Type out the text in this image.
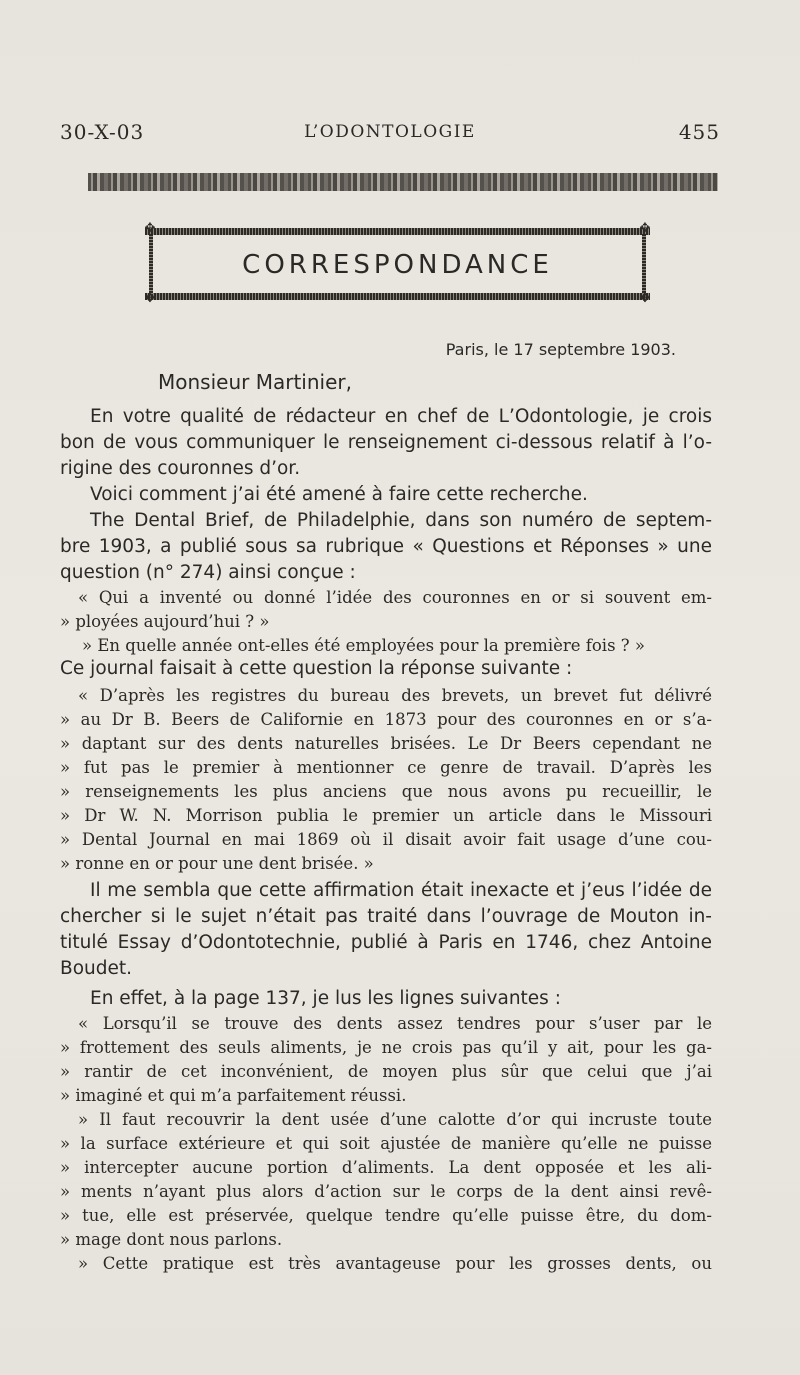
30-X-03	L’ODONTOLOGIE	455
✥	✥
✥	✥
CORRESPONDANCE
Paris, le 17 septembre 1903.
Monsieur Martinier,
En votre qualité de rédacteur en chef de L’Odontologie, je crois
bon de vous communiquer le renseignement ci-dessous relatif à l’o-
rigine des couronnes d’or.
Voici comment j’ai été amené à faire cette recherche.
The Dental Brief, de Philadelphie, dans son numéro de septem-
bre 1903, a publié sous sa rubrique « Questions et Réponses » une
question (n° 274) ainsi conçue :
« Qui a inventé ou donné l’idée des couronnes en or si souvent em-
» ployées aujourd’hui ? »
» En quelle année ont-elles été employées pour la première fois ? »
Ce journal faisait à cette question la réponse suivante :
« D’après les registres du bureau des brevets, un brevet fut délivré
» au Dr B. Beers de Californie en 1873 pour des couronnes en or s’a-
» daptant sur des dents naturelles brisées. Le Dr Beers cependant ne
» fut pas le premier à mentionner ce genre de travail. D’après les
» renseignements les plus anciens que nous avons pu recueillir, le
» Dr W. N. Morrison publia le premier un article dans le Missouri
» Dental Journal en mai 1869 où il disait avoir fait usage d’une cou-
» ronne en or pour une dent brisée. »
Il me sembla que cette affirmation était inexacte et j’eus l’idée de
chercher si le sujet n’était pas traité dans l’ouvrage de Mouton in-
titulé Essay d’Odontotechnie, publié à Paris en 1746, chez Antoine
Boudet.
En effet, à la page 137, je lus les lignes suivantes :
« Lorsqu’il se trouve des dents assez tendres pour s’user par le
» frottement des seuls aliments, je ne crois pas qu’il y ait, pour les ga-
» rantir de cet inconvénient, de moyen plus sûr que celui que j’ai
» imaginé et qui m’a parfaitement réussi.
» Il faut recouvrir la dent usée d’une calotte d’or qui incruste toute
» la surface extérieure et qui soit ajustée de manière qu’elle ne puisse
» intercepter aucune portion d’aliments. La dent opposée et les ali-
» ments n’ayant plus alors d’action sur le corps de la dent ainsi revê-
» tue, elle est préservée, quelque tendre qu’elle puisse être, du dom-
» mage dont nous parlons.
» Cette pratique est très avantageuse pour les grosses dents, ou
